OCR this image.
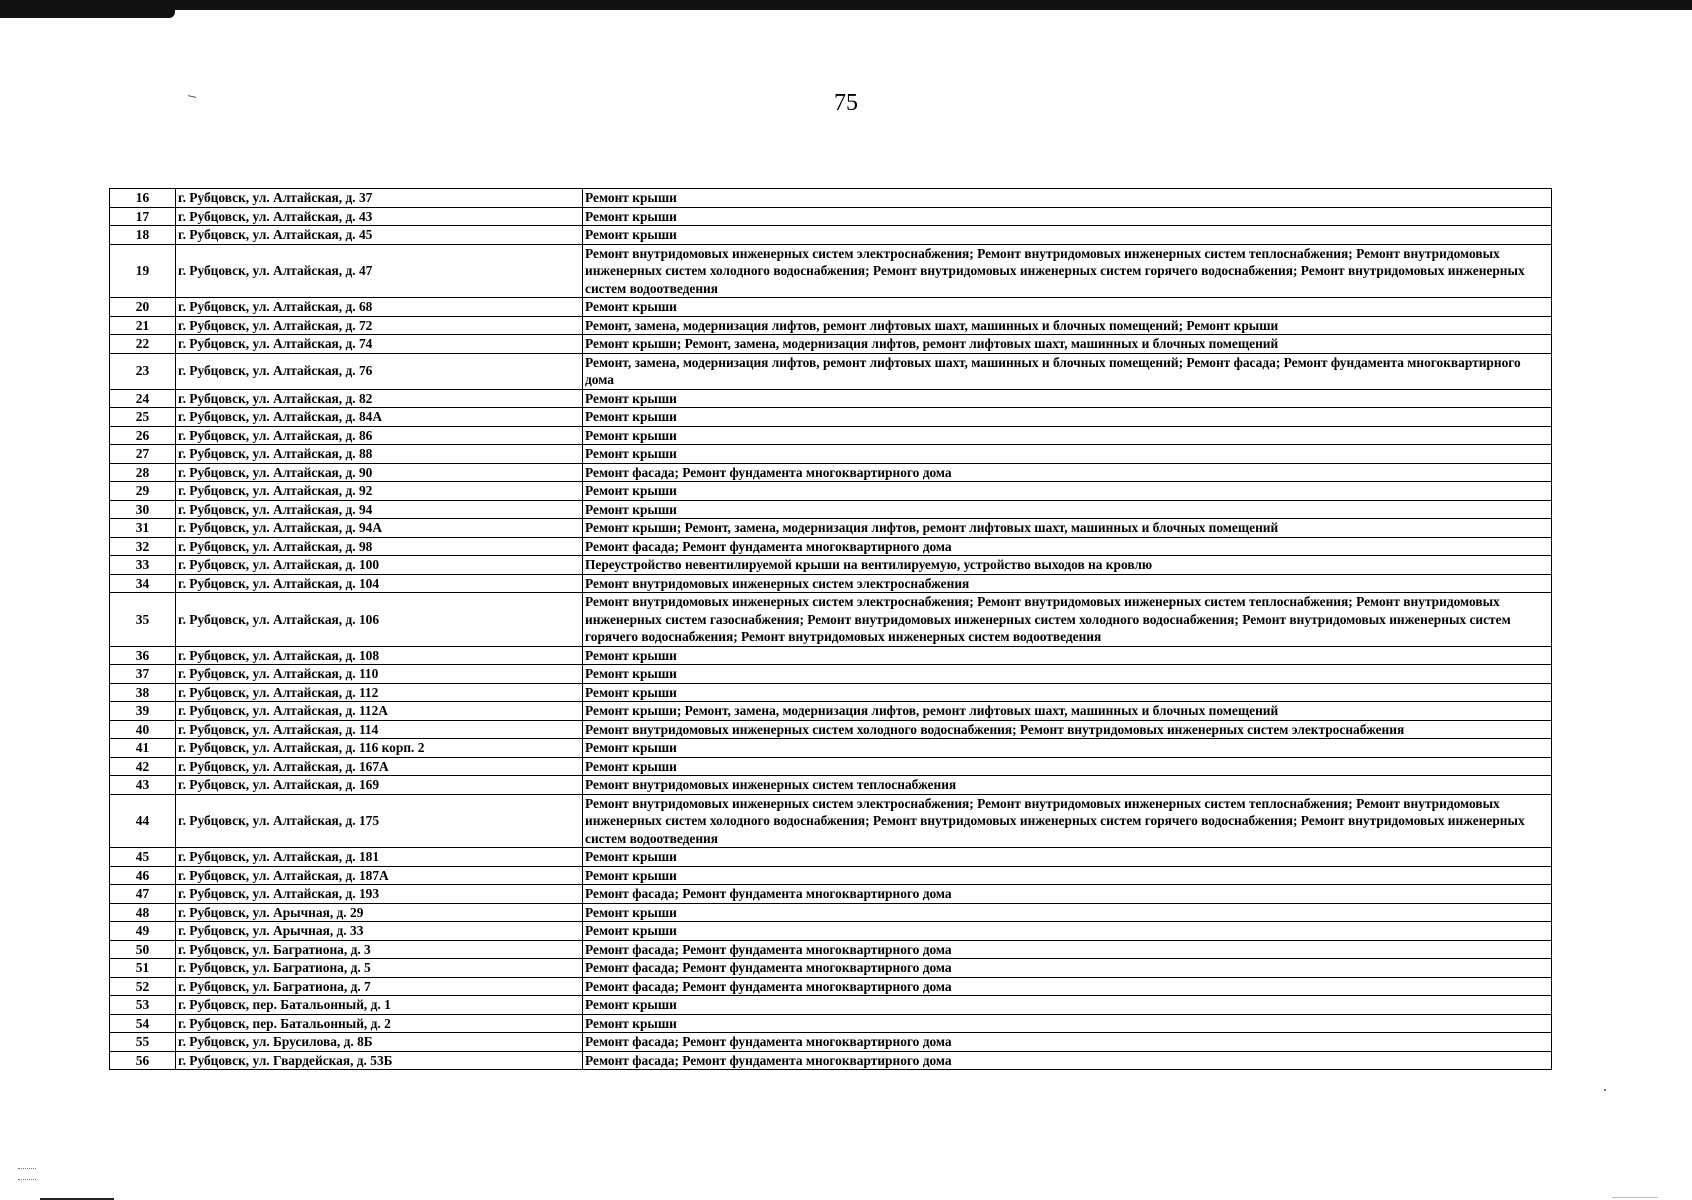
75
16	г. Рубцовск, ул. Алтайская, д. 37	Ремонт крыши
17	г. Рубцовск, ул. Алтайская, д. 43	Ремонт крыши
18	г. Рубцовск, ул. Алтайская, д. 45	Ремонт крыши
19	г. Рубцовск, ул. Алтайская, д. 47	Ремонт внутридомовых инженерных систем электроснабжения; Ремонт внутридомовых инженерных систем теплоснабжения; Ремонт внутридомовых инженерных систем холодного водоснабжения; Ремонт внутридомовых инженерных систем горячего водоснабжения; Ремонт внутридомовых инженерных систем водоотведения
20	г. Рубцовск, ул. Алтайская, д. 68	Ремонт крыши
21	г. Рубцовск, ул. Алтайская, д. 72	Ремонт, замена, модернизация лифтов, ремонт лифтовых шахт, машинных и блочных помещений; Ремонт крыши
22	г. Рубцовск, ул. Алтайская, д. 74	Ремонт крыши; Ремонт, замена, модернизация лифтов, ремонт лифтовых шахт, машинных и блочных помещений
23	г. Рубцовск, ул. Алтайская, д. 76	Ремонт, замена, модернизация лифтов, ремонт лифтовых шахт, машинных и блочных помещений; Ремонт фасада; Ремонт фундамента многоквартирного дома
24	г. Рубцовск, ул. Алтайская, д. 82	Ремонт крыши
25	г. Рубцовск, ул. Алтайская, д. 84А	Ремонт крыши
26	г. Рубцовск, ул. Алтайская, д. 86	Ремонт крыши
27	г. Рубцовск, ул. Алтайская, д. 88	Ремонт крыши
28	г. Рубцовск, ул. Алтайская, д. 90	Ремонт фасада; Ремонт фундамента многоквартирного дома
29	г. Рубцовск, ул. Алтайская, д. 92	Ремонт крыши
30	г. Рубцовск, ул. Алтайская, д. 94	Ремонт крыши
31	г. Рубцовск, ул. Алтайская, д. 94А	Ремонт крыши; Ремонт, замена, модернизация лифтов, ремонт лифтовых шахт, машинных и блочных помещений
32	г. Рубцовск, ул. Алтайская, д. 98	Ремонт фасада; Ремонт фундамента многоквартирного дома
33	г. Рубцовск, ул. Алтайская, д. 100	Переустройство невентилируемой крыши на вентилируемую, устройство выходов на кровлю
34	г. Рубцовск, ул. Алтайская, д. 104	Ремонт внутридомовых инженерных систем электроснабжения
35	г. Рубцовск, ул. Алтайская, д. 106	Ремонт внутридомовых инженерных систем электроснабжения; Ремонт внутридомовых инженерных систем теплоснабжения; Ремонт внутридомовых инженерных систем газоснабжения; Ремонт внутридомовых инженерных систем холодного водоснабжения; Ремонт внутридомовых инженерных систем горячего водоснабжения; Ремонт внутридомовых инженерных систем водоотведения
36	г. Рубцовск, ул. Алтайская, д. 108	Ремонт крыши
37	г. Рубцовск, ул. Алтайская, д. 110	Ремонт крыши
38	г. Рубцовск, ул. Алтайская, д. 112	Ремонт крыши
39	г. Рубцовск, ул. Алтайская, д. 112А	Ремонт крыши; Ремонт, замена, модернизация лифтов, ремонт лифтовых шахт, машинных и блочных помещений
40	г. Рубцовск, ул. Алтайская, д. 114	Ремонт внутридомовых инженерных систем холодного водоснабжения; Ремонт внутридомовых инженерных систем электроснабжения
41	г. Рубцовск, ул. Алтайская, д. 116 корп. 2	Ремонт крыши
42	г. Рубцовск, ул. Алтайская, д. 167А	Ремонт крыши
43	г. Рубцовск, ул. Алтайская, д. 169	Ремонт внутридомовых инженерных систем теплоснабжения
44	г. Рубцовск, ул. Алтайская, д. 175	Ремонт внутридомовых инженерных систем электроснабжения; Ремонт внутридомовых инженерных систем теплоснабжения; Ремонт внутридомовых инженерных систем холодного водоснабжения; Ремонт внутридомовых инженерных систем горячего водоснабжения; Ремонт внутридомовых инженерных систем водоотведения
45	г. Рубцовск, ул. Алтайская, д. 181	Ремонт крыши
46	г. Рубцовск, ул. Алтайская, д. 187А	Ремонт крыши
47	г. Рубцовск, ул. Алтайская, д. 193	Ремонт фасада; Ремонт фундамента многоквартирного дома
48	г. Рубцовск, ул. Арычная, д. 29	Ремонт крыши
49	г. Рубцовск, ул. Арычная, д. 33	Ремонт крыши
50	г. Рубцовск, ул. Багратиона, д. 3	Ремонт фасада; Ремонт фундамента многоквартирного дома
51	г. Рубцовск, ул. Багратиона, д. 5	Ремонт фасада; Ремонт фундамента многоквартирного дома
52	г. Рубцовск, ул. Багратиона, д. 7	Ремонт фасада; Ремонт фундамента многоквартирного дома
53	г. Рубцовск, пер. Батальонный, д. 1	Ремонт крыши
54	г. Рубцовск, пер. Батальонный, д. 2	Ремонт крыши
55	г. Рубцовск, ул. Брусилова, д. 8Б	Ремонт фасада; Ремонт фундамента многоквартирного дома
56	г. Рубцовск, ул. Гвардейская, д. 53Б	Ремонт фасада; Ремонт фундамента многоквартирного дома
